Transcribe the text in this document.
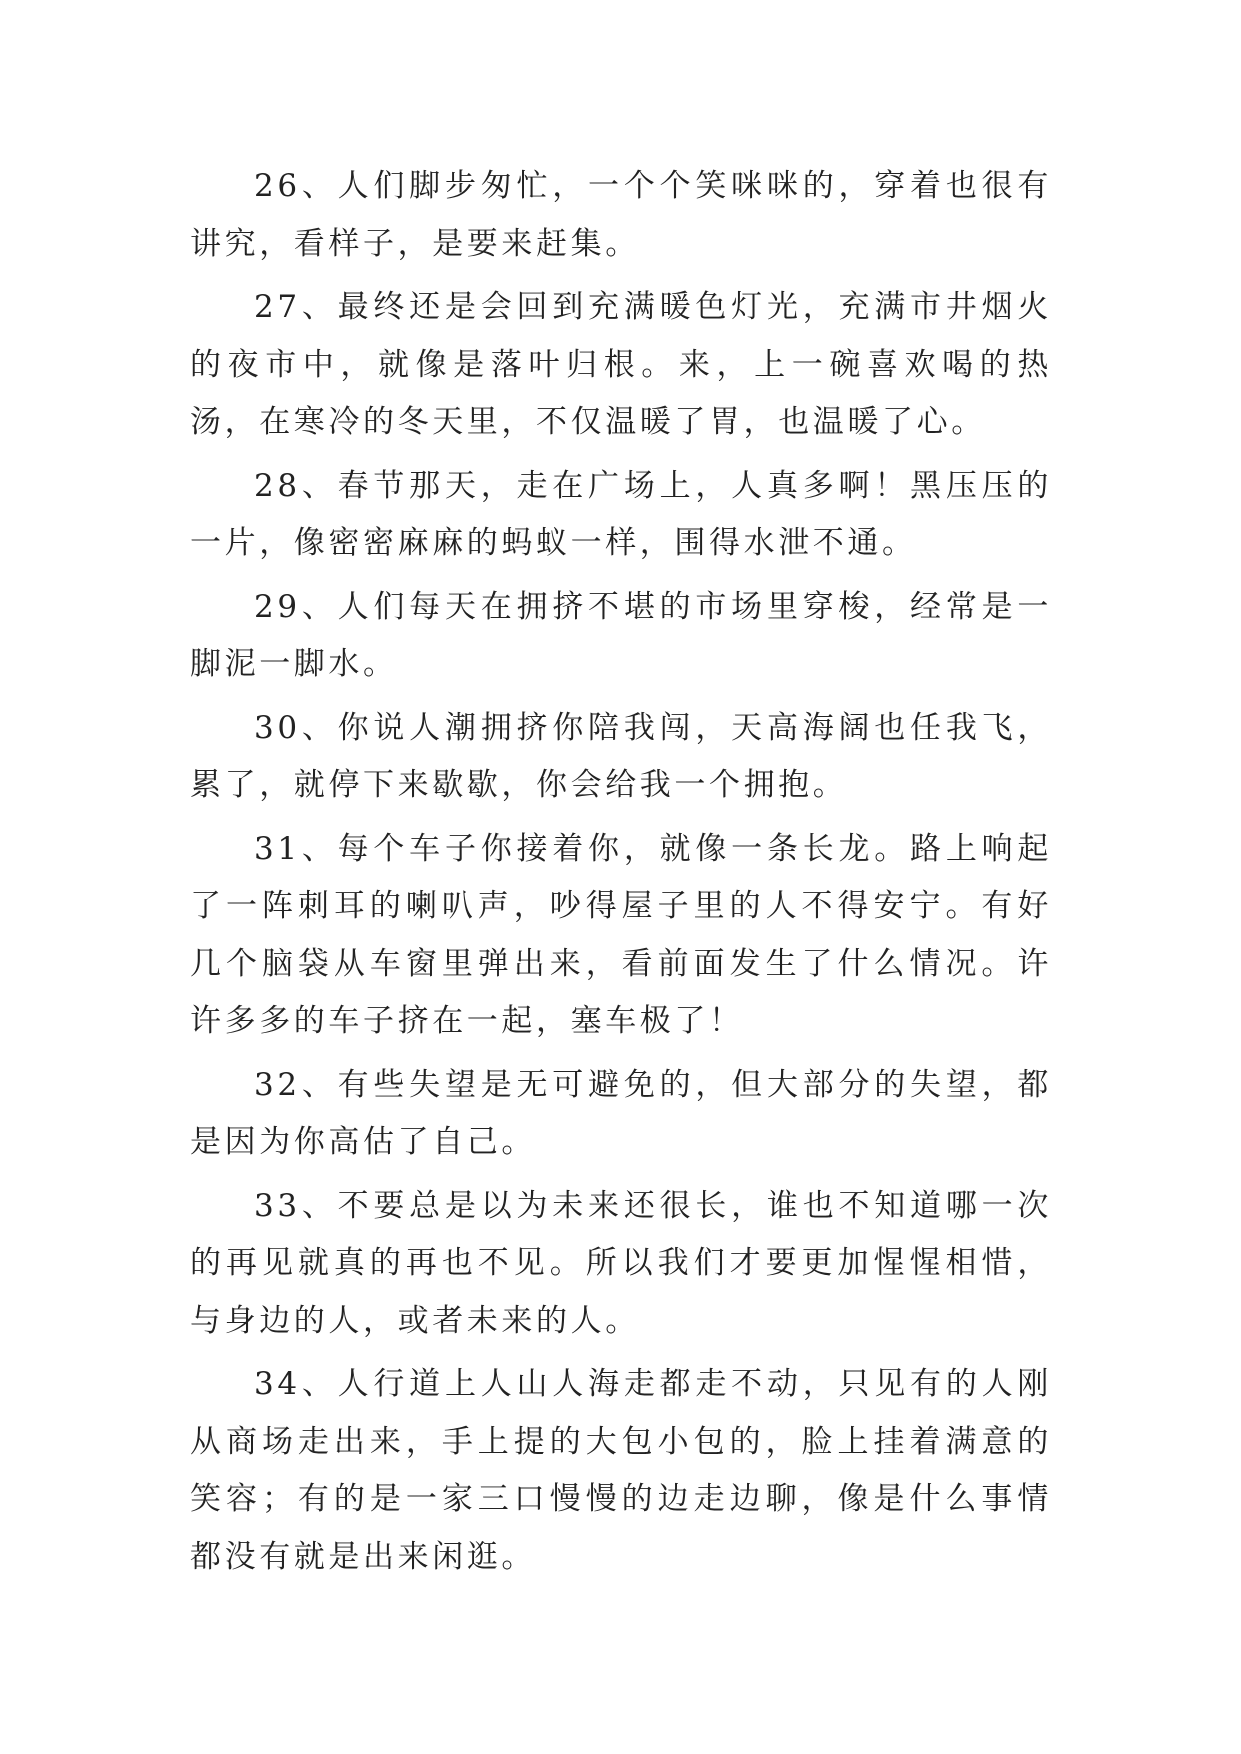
26、人们脚步匆忙，一个个笑咪咪的，穿着也很有讲究，看样子，是要来赶集。

27、最终还是会回到充满暖色灯光，充满市井烟火的夜市中，就像是落叶归根。来，上一碗喜欢喝的热汤，在寒冷的冬天里，不仅温暖了胃，也温暖了心。

28、春节那天，走在广场上，人真多啊！黑压压的一片，像密密麻麻的蚂蚁一样，围得水泄不通。

29、人们每天在拥挤不堪的市场里穿梭，经常是一脚泥一脚水。

30、你说人潮拥挤你陪我闯，天高海阔也任我飞，累了，就停下来歇歇，你会给我一个拥抱。

31、每个车子你接着你，就像一条长龙。路上响起了一阵刺耳的喇叭声，吵得屋子里的人不得安宁。有好几个脑袋从车窗里弹出来，看前面发生了什么情况。许许多多的车子挤在一起，塞车极了！

32、有些失望是无可避免的，但大部分的失望，都是因为你高估了自己。

33、不要总是以为未来还很长，谁也不知道哪一次的再见就真的再也不见。所以我们才要更加惺惺相惜，与身边的人，或者未来的人。

34、人行道上人山人海走都走不动，只见有的人刚从商场走出来，手上提的大包小包的，脸上挂着满意的笑容；有的是一家三口慢慢的边走边聊，像是什么事情都没有就是出来闲逛。
